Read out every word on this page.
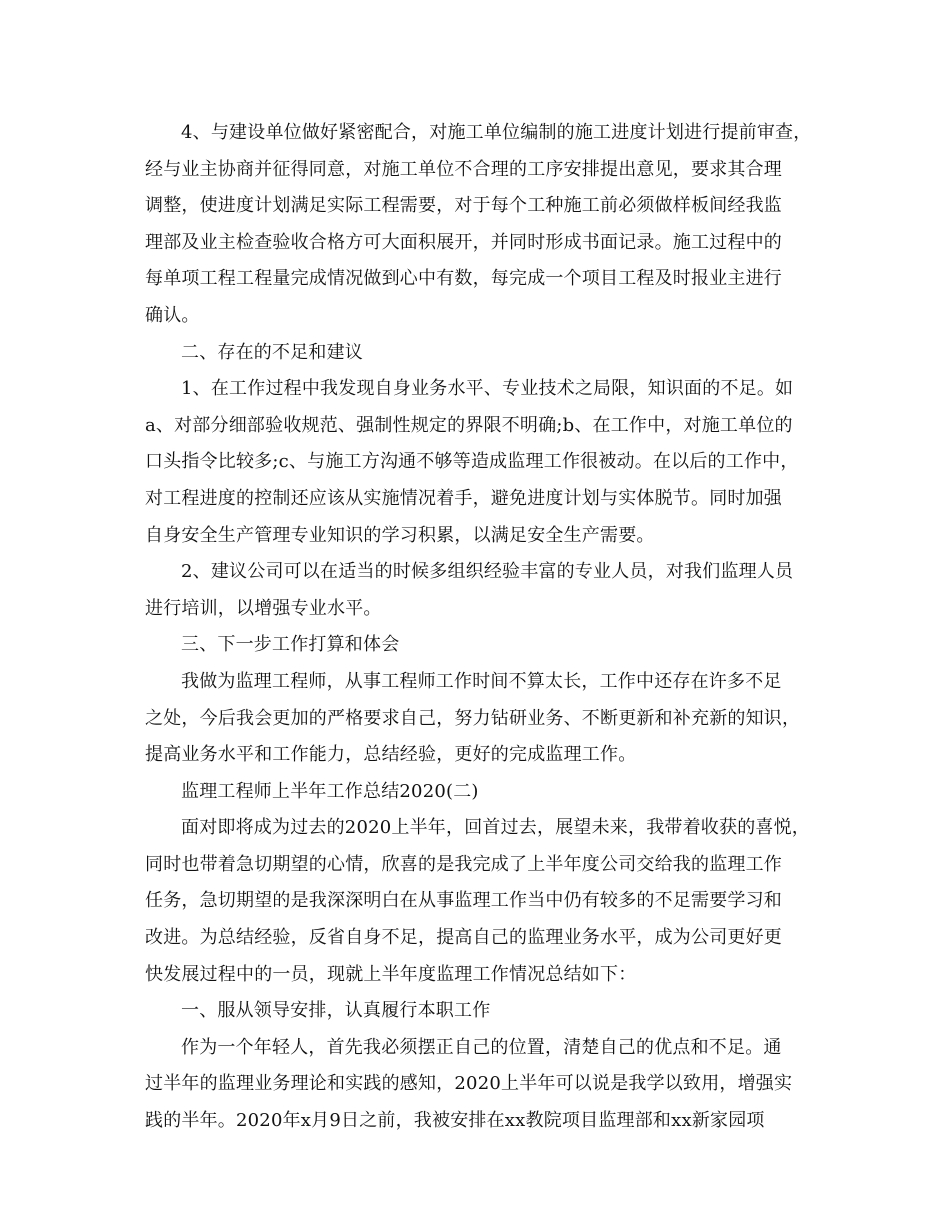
4、与建设单位做好紧密配合，对施工单位编制的施工进度计划进行提前审查，
经与业主协商并征得同意，对施工单位不合理的工序安排提出意见，要求其合理
调整，使进度计划满足实际工程需要，对于每个工种施工前必须做样板间经我监
理部及业主检查验收合格方可大面积展开，并同时形成书面记录。施工过程中的
每单项工程工程量完成情况做到心中有数，每完成一个项目工程及时报业主进行
确认。
二、存在的不足和建议
1、在工作过程中我发现自身业务水平、专业技术之局限，知识面的不足。如
a、对部分细部验收规范、强制性规定的界限不明确;b、在工作中，对施工单位的
口头指令比较多;c、与施工方沟通不够等造成监理工作很被动。在以后的工作中，
对工程进度的控制还应该从实施情况着手，避免进度计划与实体脱节。同时加强
自身安全生产管理专业知识的学习积累，以满足安全生产需要。
2、建议公司可以在适当的时候多组织经验丰富的专业人员，对我们监理人员
进行培训，以增强专业水平。
三、下一步工作打算和体会
我做为监理工程师，从事工程师工作时间不算太长，工作中还存在许多不足
之处，今后我会更加的严格要求自己，努力钻研业务、不断更新和补充新的知识，
提高业务水平和工作能力，总结经验，更好的完成监理工作。
监理工程师上半年工作总结2020(二)
面对即将成为过去的2020上半年，回首过去，展望未来，我带着收获的喜悦，
同时也带着急切期望的心情，欣喜的是我完成了上半年度公司交给我的监理工作
任务，急切期望的是我深深明白在从事监理工作当中仍有较多的不足需要学习和
改进。为总结经验，反省自身不足，提高自己的监理业务水平，成为公司更好更
快发展过程中的一员，现就上半年度监理工作情况总结如下：
一、服从领导安排，认真履行本职工作
作为一个年轻人，首先我必须摆正自己的位置，清楚自己的优点和不足。通
过半年的监理业务理论和实践的感知，2020上半年可以说是我学以致用，增强实
践的半年。2020年x月9日之前，我被安排在xx教院项目监理部和xx新家园项
